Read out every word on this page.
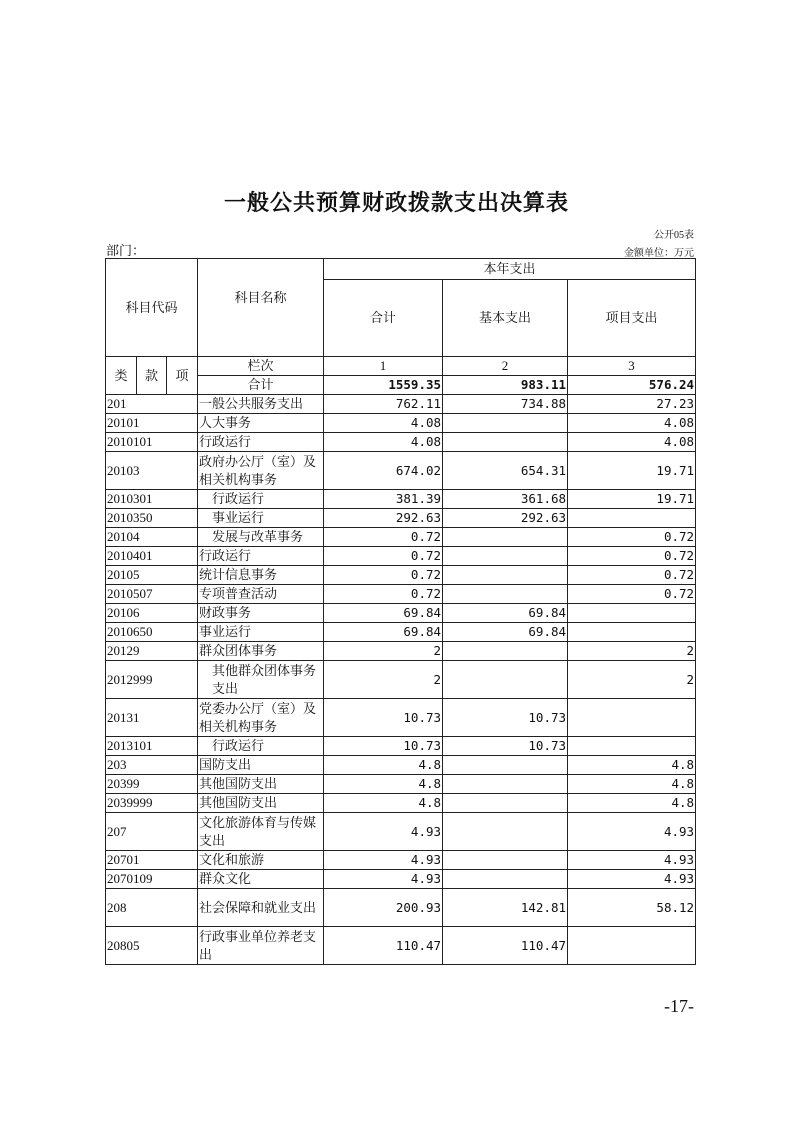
一般公共预算财政拨款支出决算表
公开05表
部门：	金额单位：万元
科目代码			科目名称	本年支出		
				合计	基本支出	项目支出
类	款	项	栏次	1	2	3
			合计	1559.35	983.11	576.24
201			一般公共服务支出	762.11	734.88	27.23
20101			人大事务	4.08		4.08
2010101			行政运行	4.08		4.08
20103			政府办公厅（室）及相关机构事务	674.02	654.31	19.71
2010301			行政运行	381.39	361.68	19.71
2010350			事业运行	292.63	292.63	
20104			发展与改革事务	0.72		0.72
2010401			行政运行	0.72		0.72
20105			统计信息事务	0.72		0.72
2010507			专项普查活动	0.72		0.72
20106			财政事务	69.84	69.84	
2010650			事业运行	69.84	69.84	
20129			群众团体事务	2		2
2012999			其他群众团体事务支出	2		2
20131			党委办公厅（室）及相关机构事务	10.73	10.73	
2013101			行政运行	10.73	10.73	
203			国防支出	4.8		4.8
20399			其他国防支出	4.8		4.8
2039999			其他国防支出	4.8		4.8
207			文化旅游体育与传媒支出	4.93		4.93
20701			文化和旅游	4.93		4.93
2070109			群众文化	4.93		4.93
208			社会保障和就业支出	200.93	142.81	58.12
20805			行政事业单位养老支出	110.47	110.47	
-17-
